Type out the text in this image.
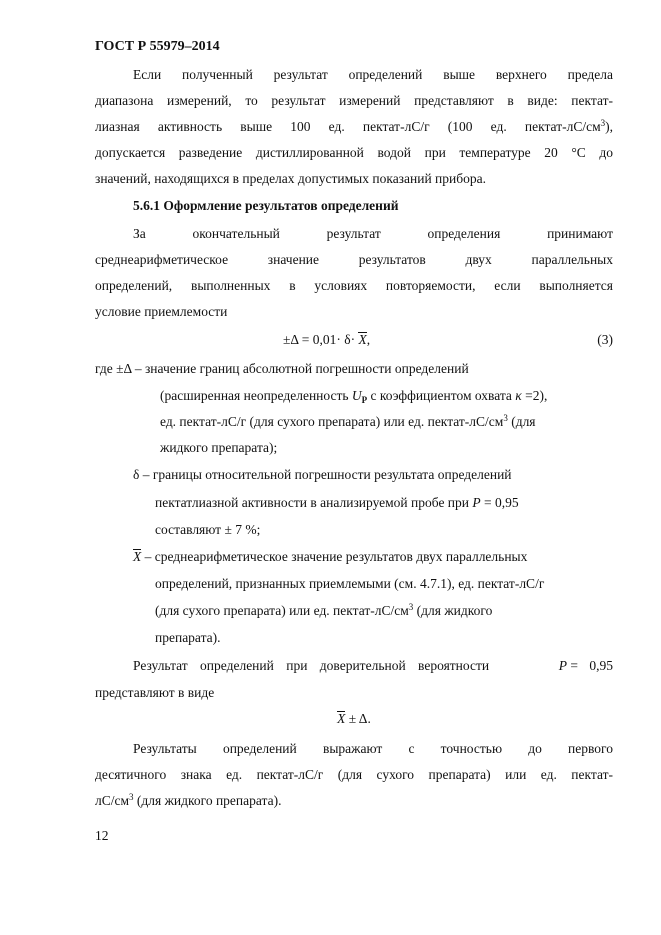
ГОСТ Р 55979–2014
Если полученный результат определений выше верхнего предела
диапазона измерений, то результат измерений представляют в виде: пектат-
лиазная активность выше 100 ед. пектат-лС/г (100 ед. пектат-$лС/см^3$),
допускается разведение дистиллированной водой при температуре 20 °С до
значений, находящихся в пределах допустимых показаний прибора.
5.6.1 Оформление результатов определений
За	окончательный	результат	определения	принимают
среднеарифметическое значение результатов двух параллельных
определений, выполненных в условиях повторяемости, если выполняется
условие приемлемости
±Δ = 0,01· δ· X,	(3)
где ±Δ – значение границ абсолютной погрешности определений
(расширенная неопределенность $U_P$ с коэффициентом охвата κ =2),
ед. пектат-лС/г (для сухого препарата) или ед. пектат-$лС/см^3$ (для
жидкого препарата);
δ – границы относительной погрешности результата определений
пектатлиазной активности в анализируемой пробе при P = 0,95
составляют ± 7 %;
X – среднеарифметическое значение результатов двух параллельных
определений, признанных приемлемыми (см. 4.7.1), ед. пектат-лС/г
(для сухого препарата) или ед. пектат-$лС/см^3$ (для жидкого
препарата).
Результат определений при доверительной вероятности	P = 0,95
представляют в виде
X ± Δ.
Результаты определений выражают с точностью до первого
десятичного знака ед. пектат-лС/г (для сухого препарата) или ед. пектат-
$лС/см^3$ (для жидкого препарата).
12
